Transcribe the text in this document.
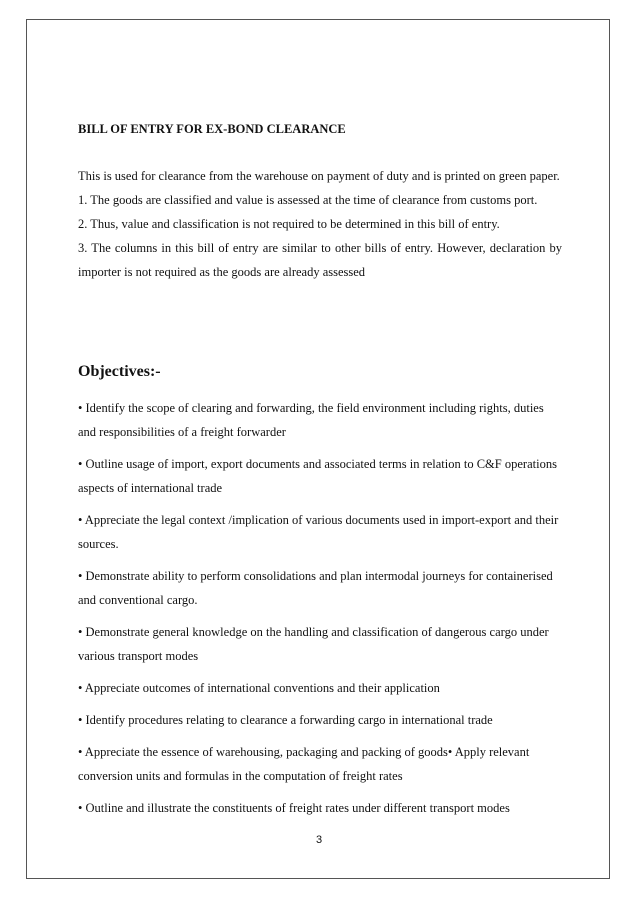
BILL OF ENTRY FOR EX-BOND CLEARANCE

This is used for clearance from the warehouse on payment of duty and is printed on green paper.

1. The goods are classified and value is assessed at the time of clearance from customs port.

2. Thus, value and classification is not required to be determined in this bill of entry.

3. The columns in this bill of entry are similar to other bills of entry. However, declaration by importer is not required as the goods are already assessed

Objectives:-
• Identify the scope of clearing and forwarding, the field environment including rights, duties and responsibilities of a freight forwarder
• Outline usage of import, export documents and associated terms in relation to C&F operations aspects of international trade
• Appreciate the legal context /implication of various documents used in import-export and their sources.
• Demonstrate ability to perform consolidations and plan intermodal journeys for containerised and conventional cargo.
• Demonstrate general knowledge on the handling and classification of dangerous cargo under various transport modes
• Appreciate outcomes of international conventions and their application
• Identify procedures relating to clearance a forwarding cargo in international trade
• Appreciate the essence of warehousing, packaging and packing of goods• Apply relevant conversion units and formulas in the computation of freight rates
• Outline and illustrate the constituents of freight rates under different transport modes
3
